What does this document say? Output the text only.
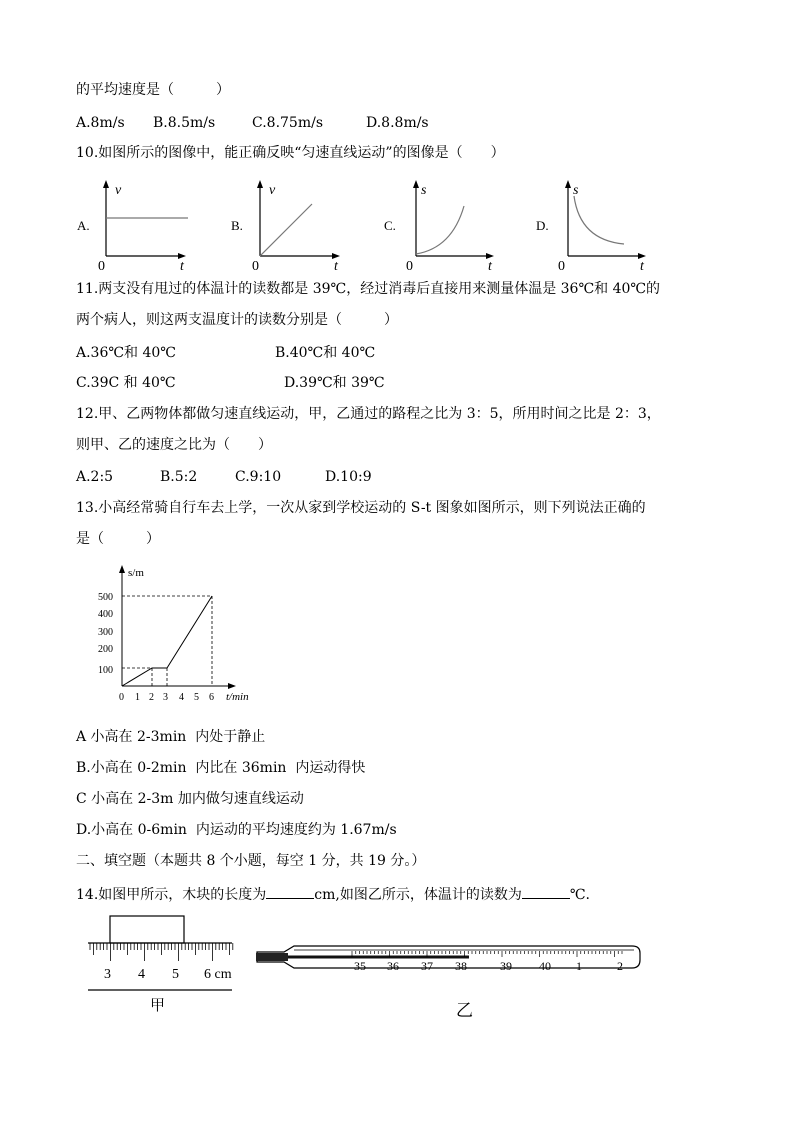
的平均速度是（　　　）
A.8m/s B.8.5m/s	C.8.75m/s	D.8.8m/s
10.如图所示的图像中，能正确反映“匀速直线运动”的图像是（　　）
A.
v
0	t
B.
v
0	t
C.
s
0	t
D.
s
0	t
11.两支没有甩过的体温计的读数都是 39℃，经过消毒后直接用来测量体温是 36℃和 40℃的
两个病人，则这两支温度计的读数分别是（　　　）
A.36℃和 40℃	B.40℃和 40℃
C.39C 和 40℃	D.39℃和 39℃
12.甲、乙两物体都做匀速直线运动，甲，乙通过的路程之比为 3：5，所用时间之比是 2：3，
则甲、乙的速度之比为（　　）
A.2:5	B.5:2	C.9:10	D.10:9
13.小高经常骑自行车去上学，一次从家到学校运动的 S-t 图象如图所示，则下列说法正确的
是（　　　）
s/m
t/min
500
400
300
200
100
0 1 2 3 4 5 6
A 小高在 2-3min  内处于静止
B.小高在 0-2min  内比在 36min  内运动得快
C 小高在 2-3m 加内做匀速直线运动
D.小高在 0-6min  内运动的平均速度约为 1.67m/s
二、填空题（本题共 8 个小题，每空 1 分，共 19 分。）
14.如图甲所示，木块的长度为	cm,如图乙所示，体温计的读数为	℃.
3 4 5 6 cm
甲
35 36 37 38	39 40 1	2
乙
